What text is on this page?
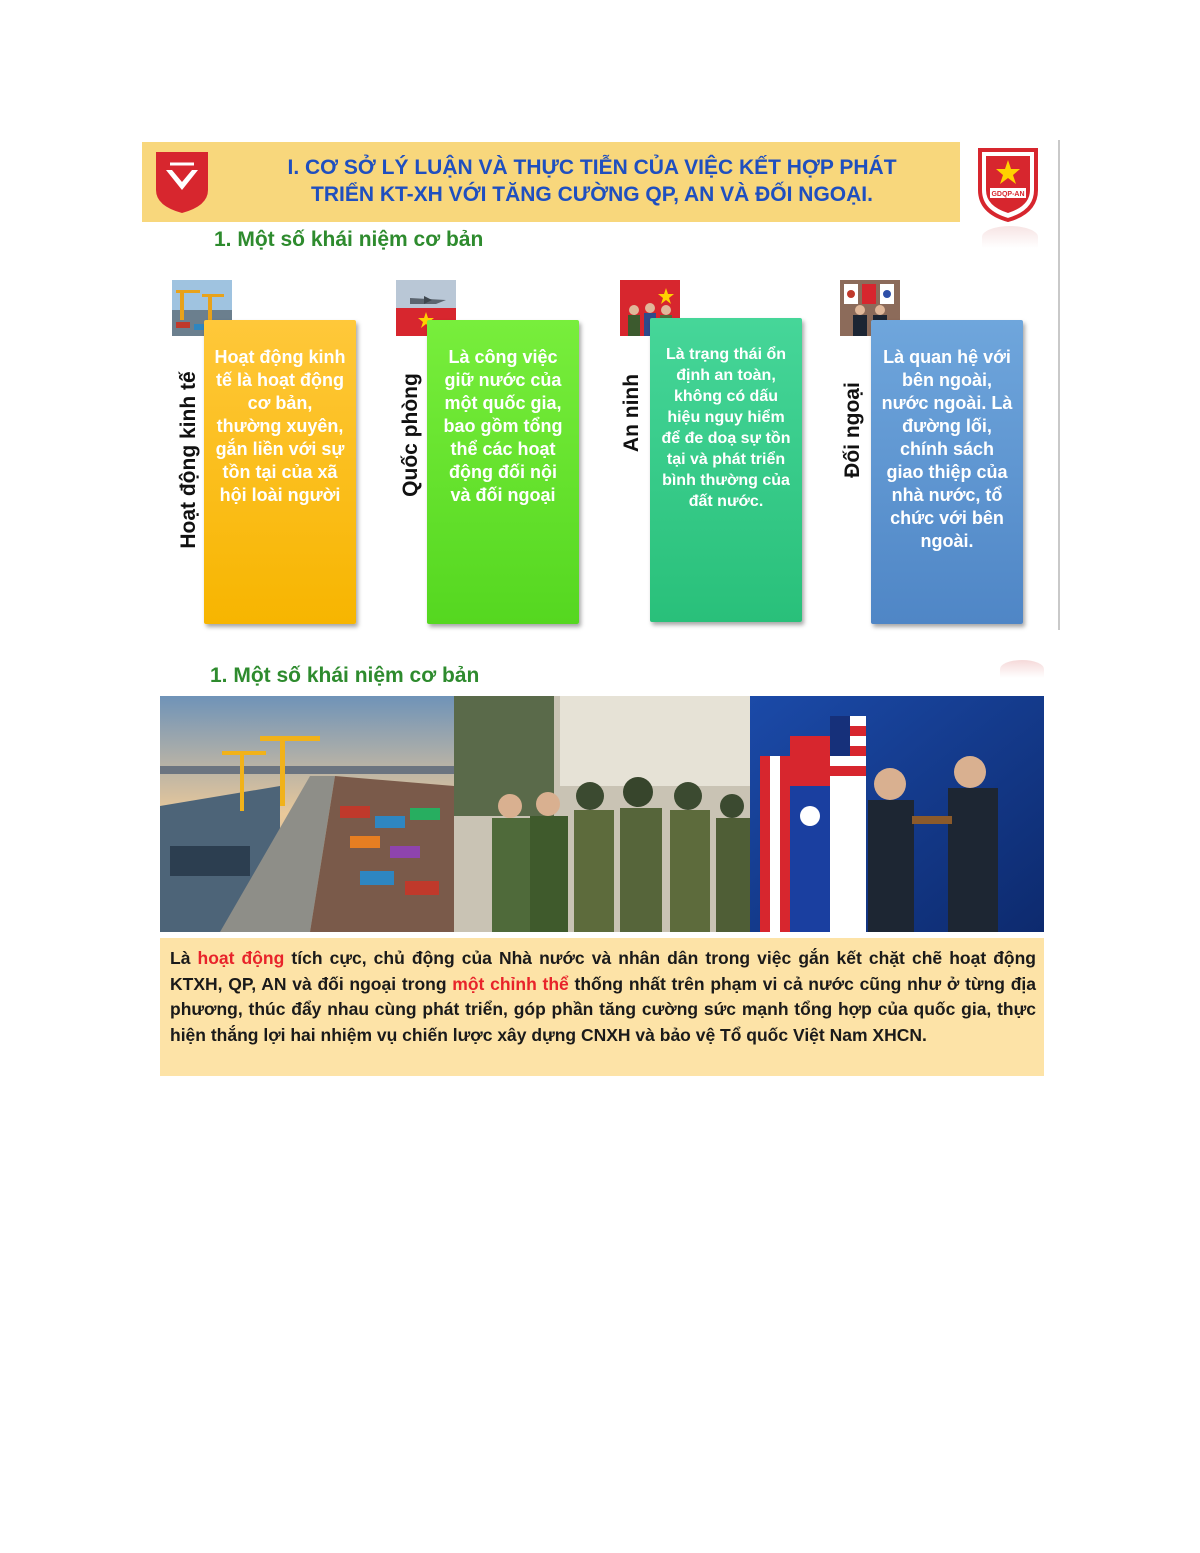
I. CƠ SỞ LÝ LUẬN VÀ THỰC TIỄN CỦA VIỆC KẾT HỢP PHÁT
TRIỂN KT-XH VỚI TĂNG CƯỜNG QP, AN VÀ ĐỐI NGOẠI.	GDQP-AN
1. Một số khái niệm cơ bản
Hoạt động kinh tế
Hoạt động kinh tế là hoạt động cơ bản, thường xuyên, gắn liền với sự tồn tại của xã hội loài người	Quốc phòng
Là công việc giữ nước của một quốc gia, bao gồm tổng thể các hoạt động đối nội và đối ngoại
An ninh
Là trạng thái ổn định an toàn, không có dấu hiệu nguy hiểm để đe doạ sự tồn tại và phát triển bình thường của đất nước.
Đối ngoại
Là quan hệ với bên ngoài, nước ngoài. Là đường lối, chính sách giao thiệp của nhà nước, tổ chức với bên ngoài.
1. Một số khái niệm cơ bản
Là hoạt động tích cực, chủ động của Nhà nước và nhân dân trong việc gắn kết chặt chẽ hoạt động KTXH, QP, AN và đối ngoại trong một chỉnh thể thống nhất trên phạm vi cả nước cũng như ở từng địa phương, thúc đẩy nhau cùng phát triển, góp phần tăng cường sức mạnh tổng hợp của quốc gia, thực hiện thắng lợi hai nhiệm vụ chiến lược xây dựng CNXH và bảo vệ Tổ quốc Việt Nam XHCN.
